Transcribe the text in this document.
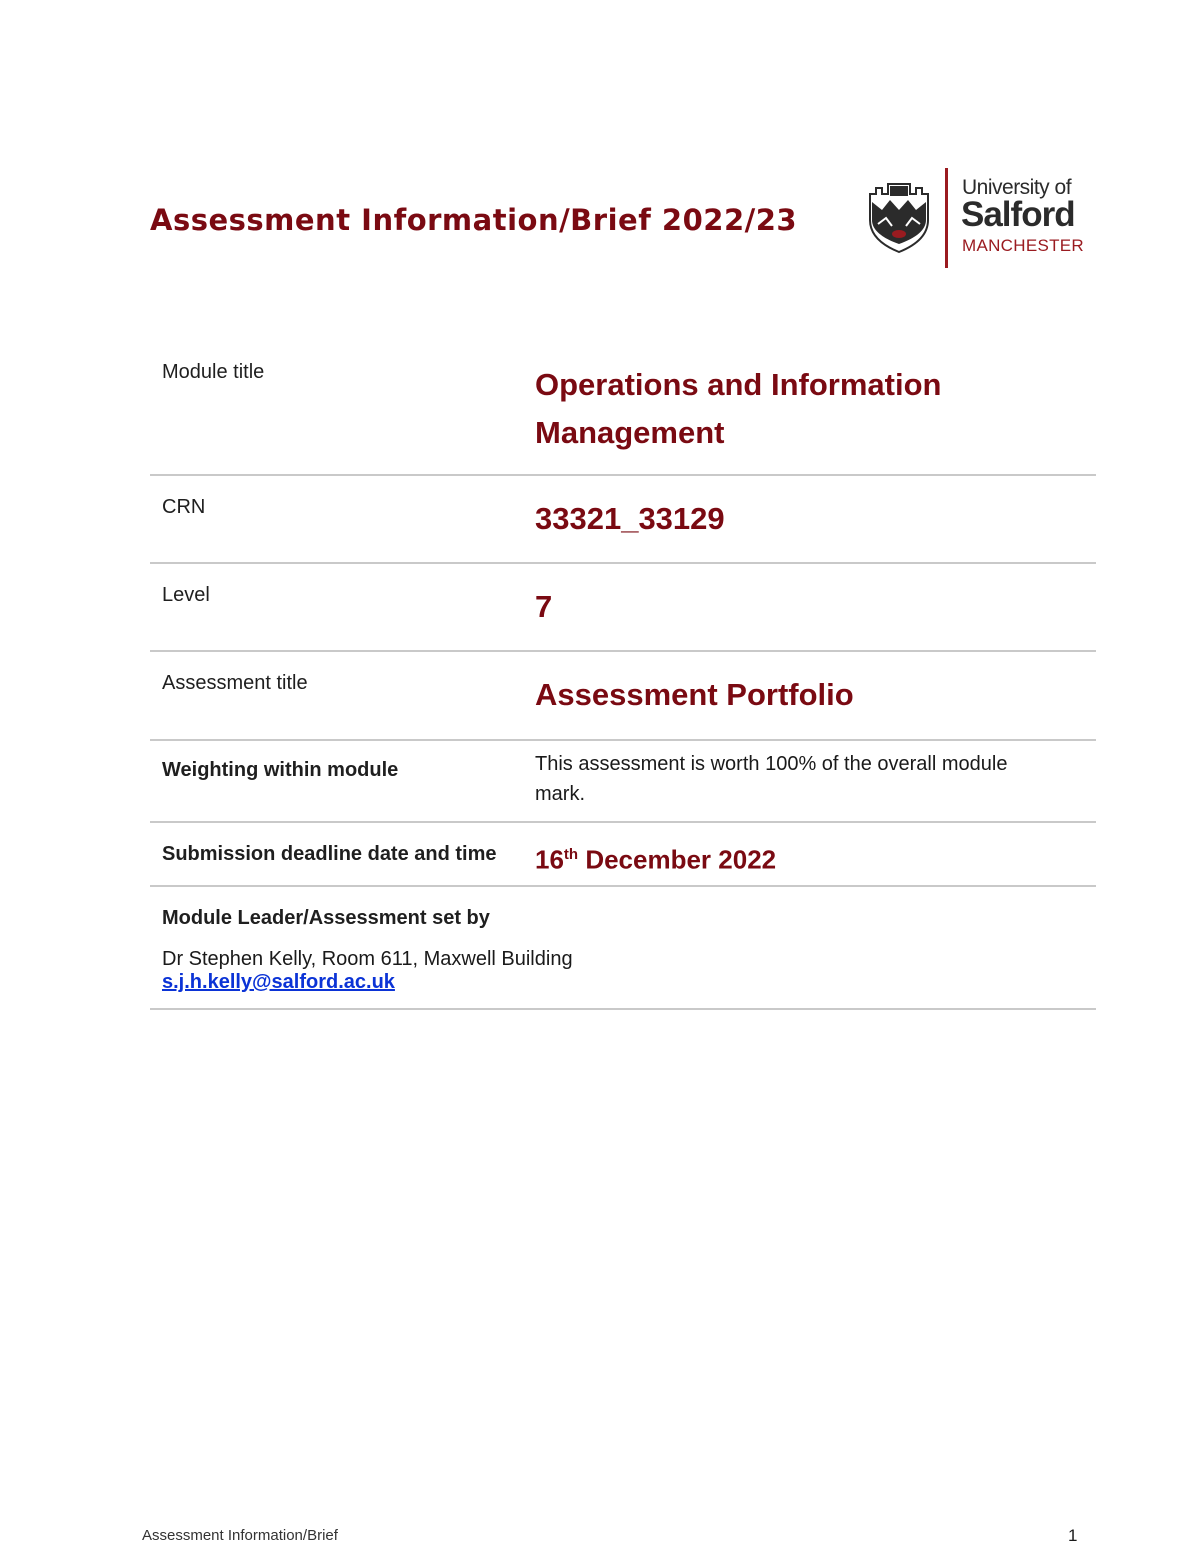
Assessment Information/Brief 2022/23
University of
Salford
MANCHESTER
Module title	Operations and Information Management
CRN	33321_33129
Level	7
Assessment title	Assessment Portfolio
Weighting within module	This assessment is worth 100% of the overall module mark.
Submission deadline date and time	16th December 2022

Module Leader/Assessment set by
Dr Stephen Kelly, Room 611, Maxwell Building
s.j.h.kelly@salford.ac.uk	
Assessment Information/Brief	1
